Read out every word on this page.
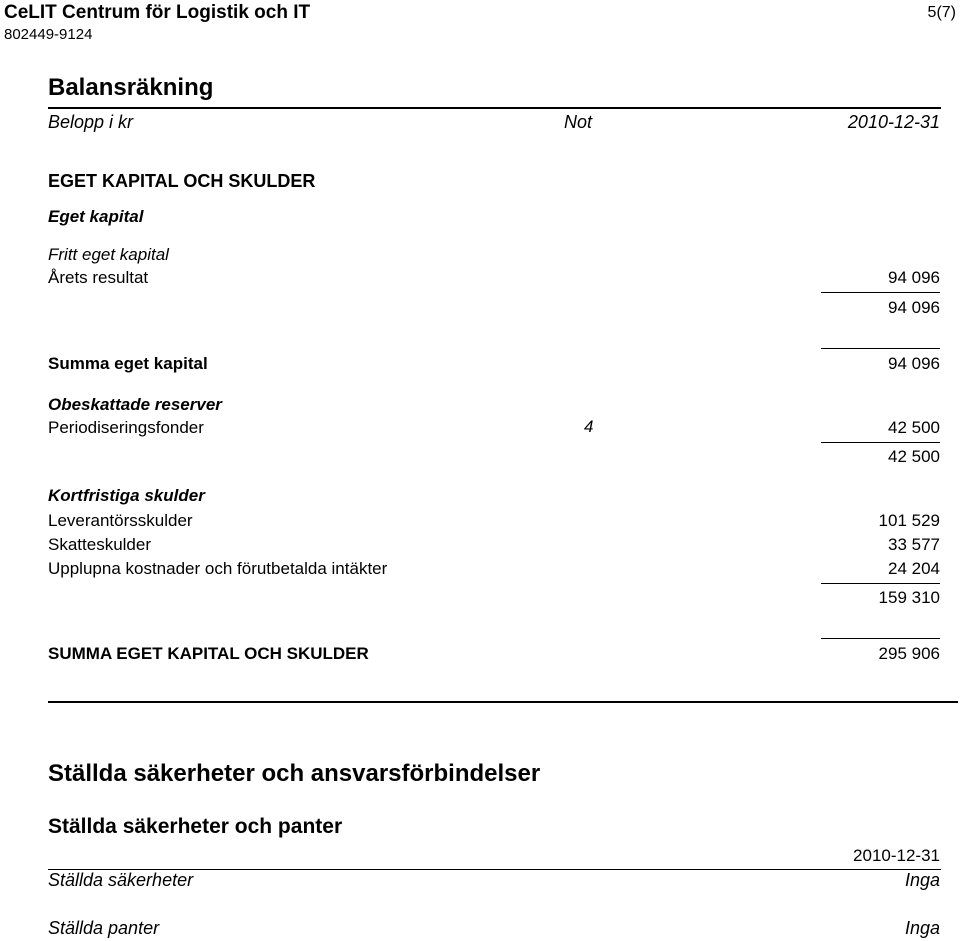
CeLIT Centrum för Logistik och IT
802449-9124
5(7)
Balansräkning
Belopp i kr	Not	2010-12-31
EGET KAPITAL OCH SKULDER
Eget kapital
Fritt eget kapital
Årets resultat	94 096
94 096
Summa eget kapital	94 096
Obeskattade reserver
Periodiseringsfonder	4	42 500
42 500
Kortfristiga skulder
Leverantörsskulder	101 529
Skatteskulder	33 577
Upplupna kostnader och förutbetalda intäkter	24 204
159 310
SUMMA EGET KAPITAL OCH SKULDER	295 906
Ställda säkerheter och ansvarsförbindelser
Ställda säkerheter och panter
2010-12-31
Ställda säkerheter	Inga
Ställda panter	Inga
